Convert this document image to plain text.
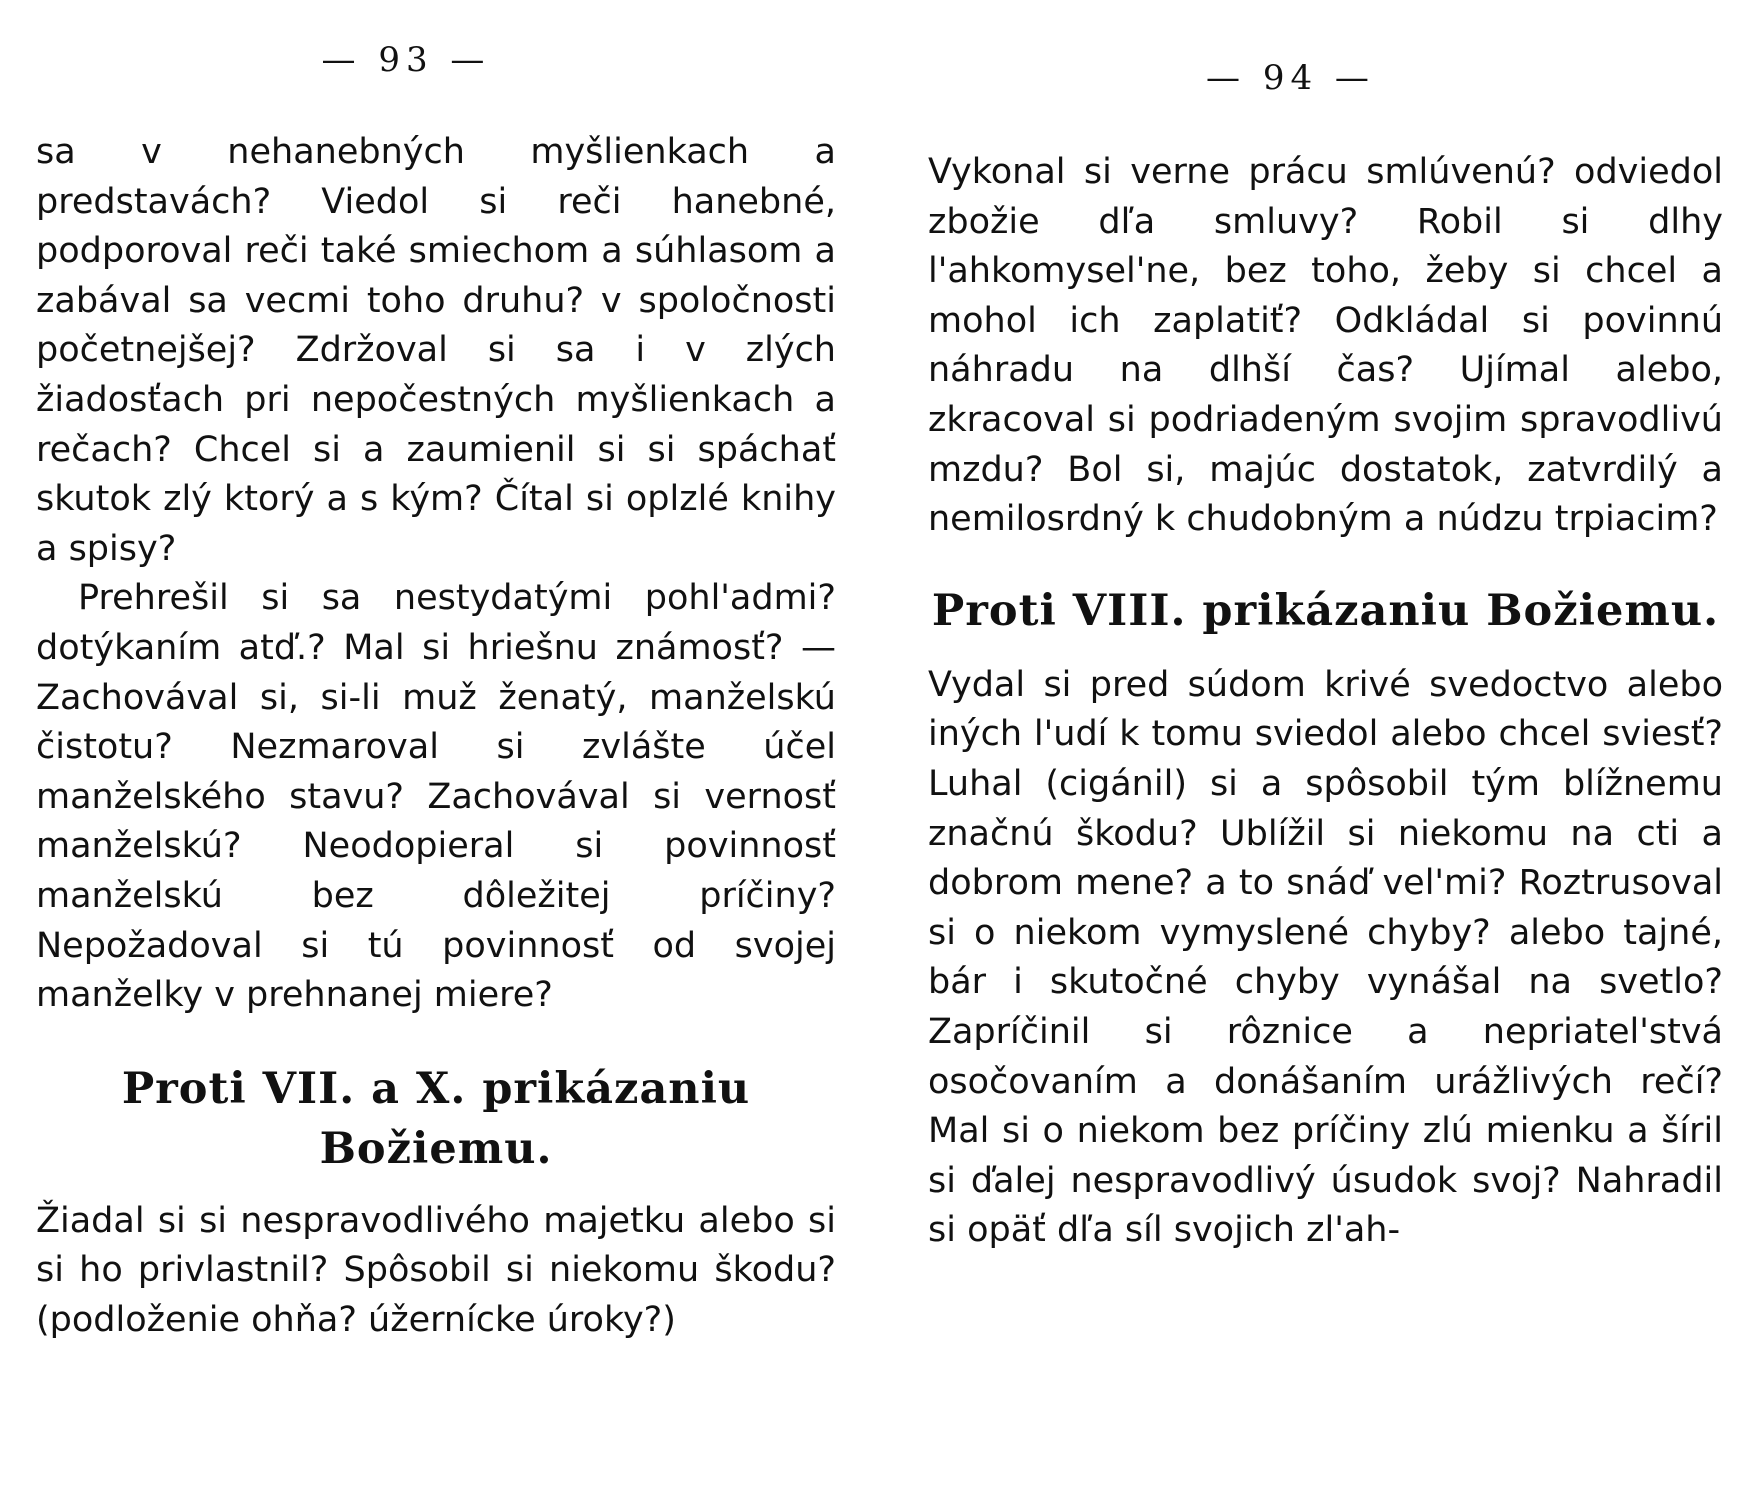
— 93 —

sa v nehanebných myšlienkach a predstavách? Viedol si reči hanebné, podporoval reči také smiechom a súhlasom a zabával sa vecmi toho druhu? v spoločnosti početnejšej? Zdržoval si sa i v zlých žiadosťach pri nepočestných myšlienkach a rečach? Chcel si a zaumienil si si spáchať skutok zlý ktorý a s kým? Čítal si oplzlé knihy a spisy?

Prehrešil si sa nestydatými pohl'admi? dotýkaním atď.? Mal si hriešnu známosť? — Zachovával si, si-li muž ženatý, manželskú čistotu? Nezmaroval si zvlášte účel manželského stavu? Zachovával si vernosť manželskú? Neodopieral si povinnosť manželskú bez dôležitej príčiny? Nepožadoval si tú povinnosť od svojej manželky v prehnanej miere?

Proti VII. a X. prikázaniu Božiemu.

Žiadal si si nespravodlivého majetku alebo si si ho privlastnil? Spôsobil si niekomu škodu? (podloženie ohňa? úžernícke úroky?)

— 94 —

Vykonal si verne prácu smlúvenú? odviedol zbožie dľa smluvy? Robil si dlhy l'ahkomysel'ne, bez toho, žeby si chcel a mohol ich zaplatiť? Odkládal si povinnú náhradu na dlhší čas? Ujímal alebo, zkracoval si podriadeným svojim spravodlivú mzdu? Bol si, majúc dostatok, zatvrdilý a nemilosrdný k chudobným a núdzu trpiacim?

Proti VIII. prikázaniu Božiemu.

Vydal si pred súdom krivé svedoctvo alebo iných l'udí k tomu sviedol alebo chcel sviesť? Luhal (cigánil) si a spôsobil tým blížnemu značnú škodu? Ublížil si niekomu na cti a dobrom mene? a to snáď vel'mi? Roztrusoval si o niekom vymyslené chyby? alebo tajné, bár i skutočné chyby vynášal na svetlo? Zapríčinil si rôznice a nepriatel'stvá osočovaním a donášaním urážlivých rečí? Mal si o niekom bez príčiny zlú mienku a šíril si ďalej nespravodlivý úsudok svoj? Nahradil si opäť dľa síl svojich zl'ah-
